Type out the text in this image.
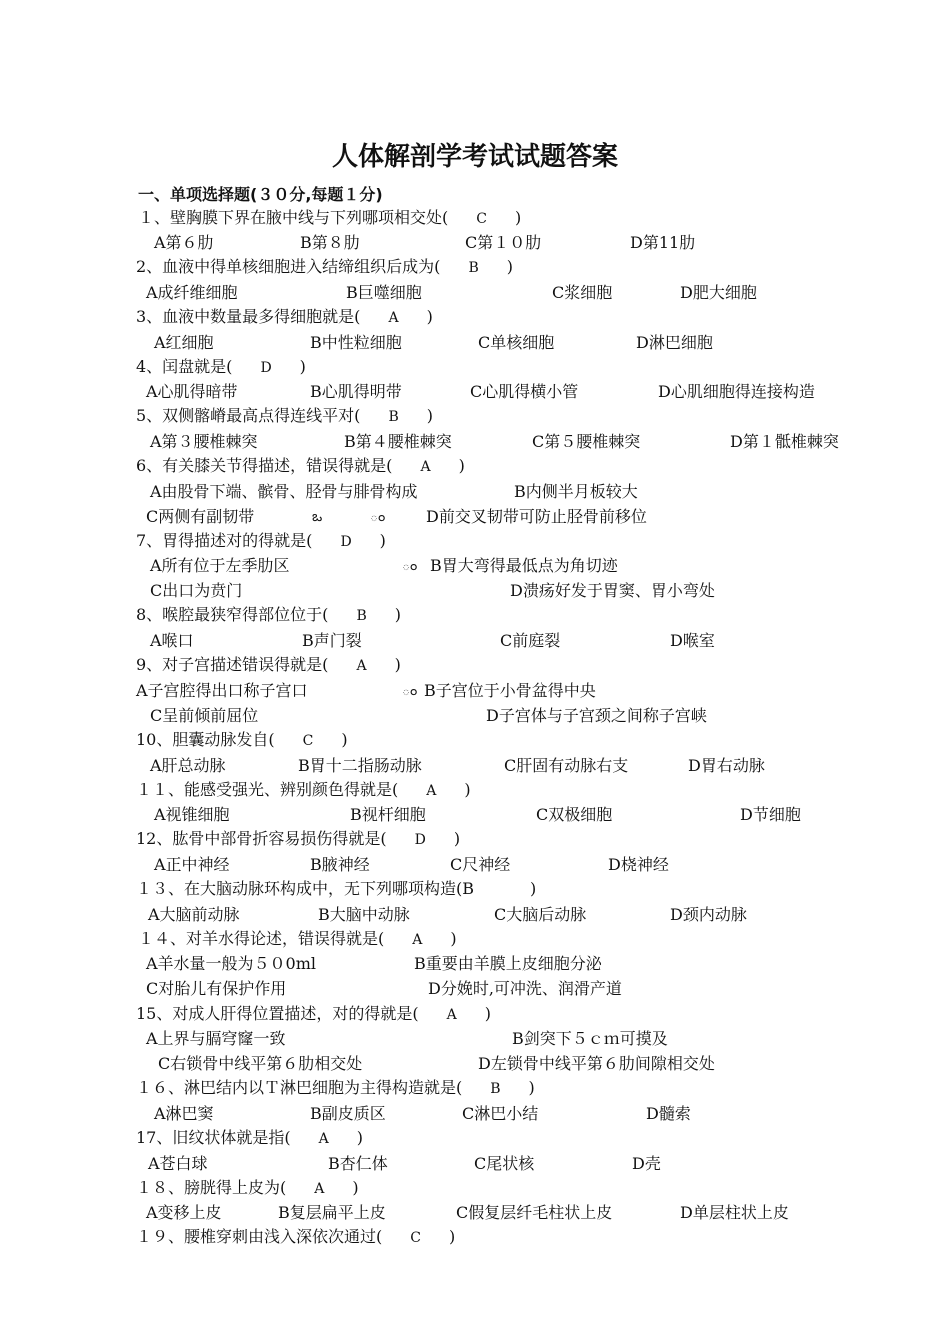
人体解剖学考试试题答案
一、单项选择题(３０分,每题１分)
１、壁胸膜下界在腋中线与下列哪项相交处( C )
A第６肋	B第８肋	C第１０肋	D第11肋
2、血液中得单核细胞进入结缔组织后成为( B )
A成纤维细胞	B巨噬细胞	C浆细胞	D肥大细胞
3、血液中数量最多得细胞就是( A )
A红细胞	B中性粒细胞	C单核细胞	D淋巴细胞
4、闰盘就是( D )
A心肌得暗带	B心肌得明带	C心肌得横小管	D心肌细胞得连接构造
5、双侧髂嵴最高点得连线平对( B )
A第３腰椎棘突	B第４腰椎棘突	C第５腰椎棘突	D第１骶椎棘突
6、有关膝关节得描述，错误得就是( A )
A由股骨下端、髌骨、胫骨与腓骨构成	B内侧半月板较大
C两侧有副韧带	D前交叉韧带可防止胫骨前移位
7、胃得描述对的得就是( D )
A所有位于左季肋区	B胃大弯得最低点为角切迹
C出口为贲门	D溃疡好发于胃窦、胃小弯处
8、喉腔最狭窄得部位位于( B )
A喉口	B声门裂	C前庭裂	D喉室
9、对子宫描述错误得就是( A )
A子宫腔得出口称子宫口	B子宫位于小骨盆得中央
C呈前倾前屈位	D子宫体与子宫颈之间称子宫峡
10、胆囊动脉发自( C )
A肝总动脉	B胃十二指肠动脉	C肝固有动脉右支	D胃右动脉
１１、能感受强光、辨别颜色得就是( A )
A视锥细胞	B视杆细胞	C双极细胞	D节细胞
12、肱骨中部骨折容易损伤得就是( D )
A正中神经	B腋神经	C尺神经	D桡神经
１３、在大脑动脉环构成中，无下列哪项构造(B	)
A大脑前动脉	B大脑中动脉	C大脑后动脉	D颈内动脉
１４、对羊水得论述，错误得就是( A )
A羊水量一般为５０0ml	B重要由羊膜上皮细胞分泌
C对胎儿有保护作用	D分娩时,可冲洗、润滑产道
15、对成人肝得位置描述，对的得就是( A )
A上界与膈穹窿一致	B剑突下５ｃｍ可摸及
C右锁骨中线平第６肋相交处	D左锁骨中线平第６肋间隙相交处
１６、淋巴结内以Ｔ淋巴细胞为主得构造就是( B )
A淋巴窦	B副皮质区	C淋巴小结	D髓索
17、旧纹状体就是指( A )
A苍白球	B杏仁体	C尾状核	D壳
１８、膀胱得上皮为( A )
A变移上皮	B复层扁平上皮	C假复层纤毛柱状上皮	D单层柱状上皮
１９、腰椎穿刺由浅入深依次通过( C )
ఒ	ం
ం
ం
